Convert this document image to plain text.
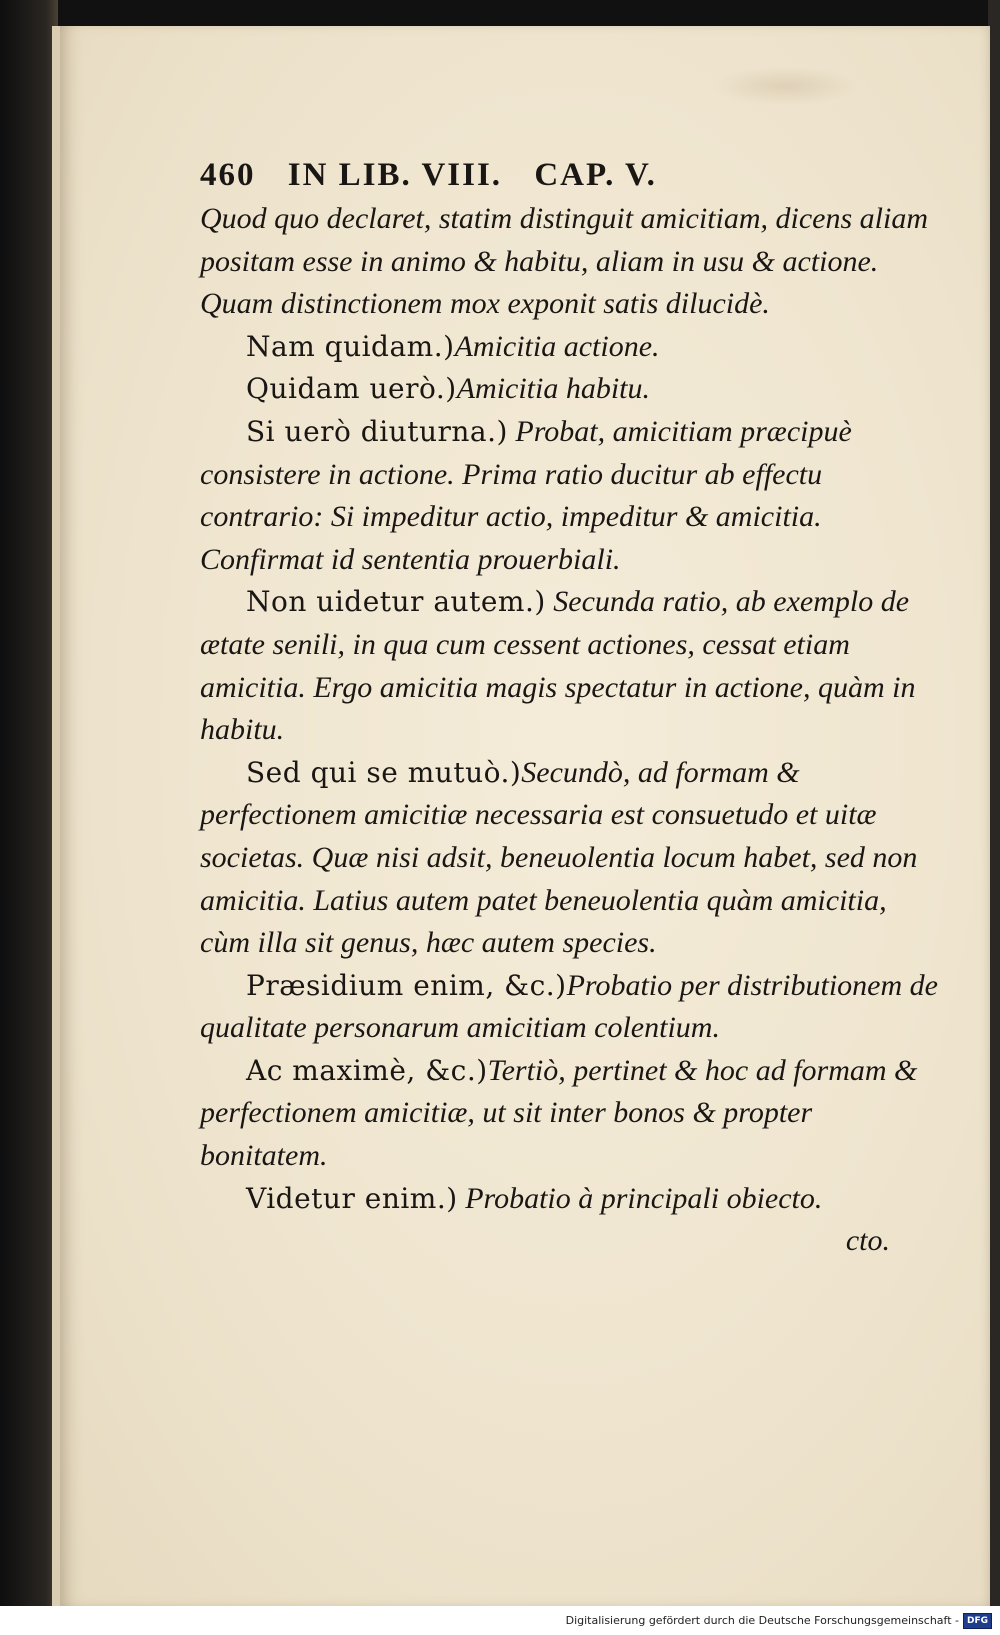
460 IN LIB. VIII. CAP. V.

Quod quo declaret, statim distinguit amicitiam, dicens aliam positam esse in animo & habitu, aliam in usu & actione. Quam distinctionem mox exponit satis dilucidè.

Nam quidam.)Amicitia actione.

Quidam uerò.)Amicitia habitu.

Si uerò diuturna.) Probat, amicitiam præcipuè consistere in actione. Prima ratio ducitur ab effectu contrario: Si impeditur actio, impeditur & amicitia. Confirmat id sententia prouerbiali.

Non uidetur autem.) Secunda ratio, ab exemplo de ætate senili, in qua cum cessent actiones, cessat etiam amicitia. Ergo amicitia magis spectatur in actione, quàm in habitu.

Sed qui se mutuò.)Secundò, ad formam & perfectionem amicitiæ necessaria est consuetudo et uitæ societas. Quæ nisi adsit, beneuolentia locum habet, sed non amicitia. Latius autem patet beneuolentia quàm amicitia, cùm illa sit genus, hæc autem species.

Præsidium enim, &c.)Probatio per distributionem de qualitate personarum amicitiam colentium.

Ac maximè, &c.)Tertiò, pertinet & hoc ad formam & perfectionem amicitiæ, ut sit inter bonos & propter bonitatem.

Videtur enim.) Probatio à principali obiecto.

cto.
Digitalisierung gefördert durch die Deutsche Forschungsgemeinschaft - DFG
